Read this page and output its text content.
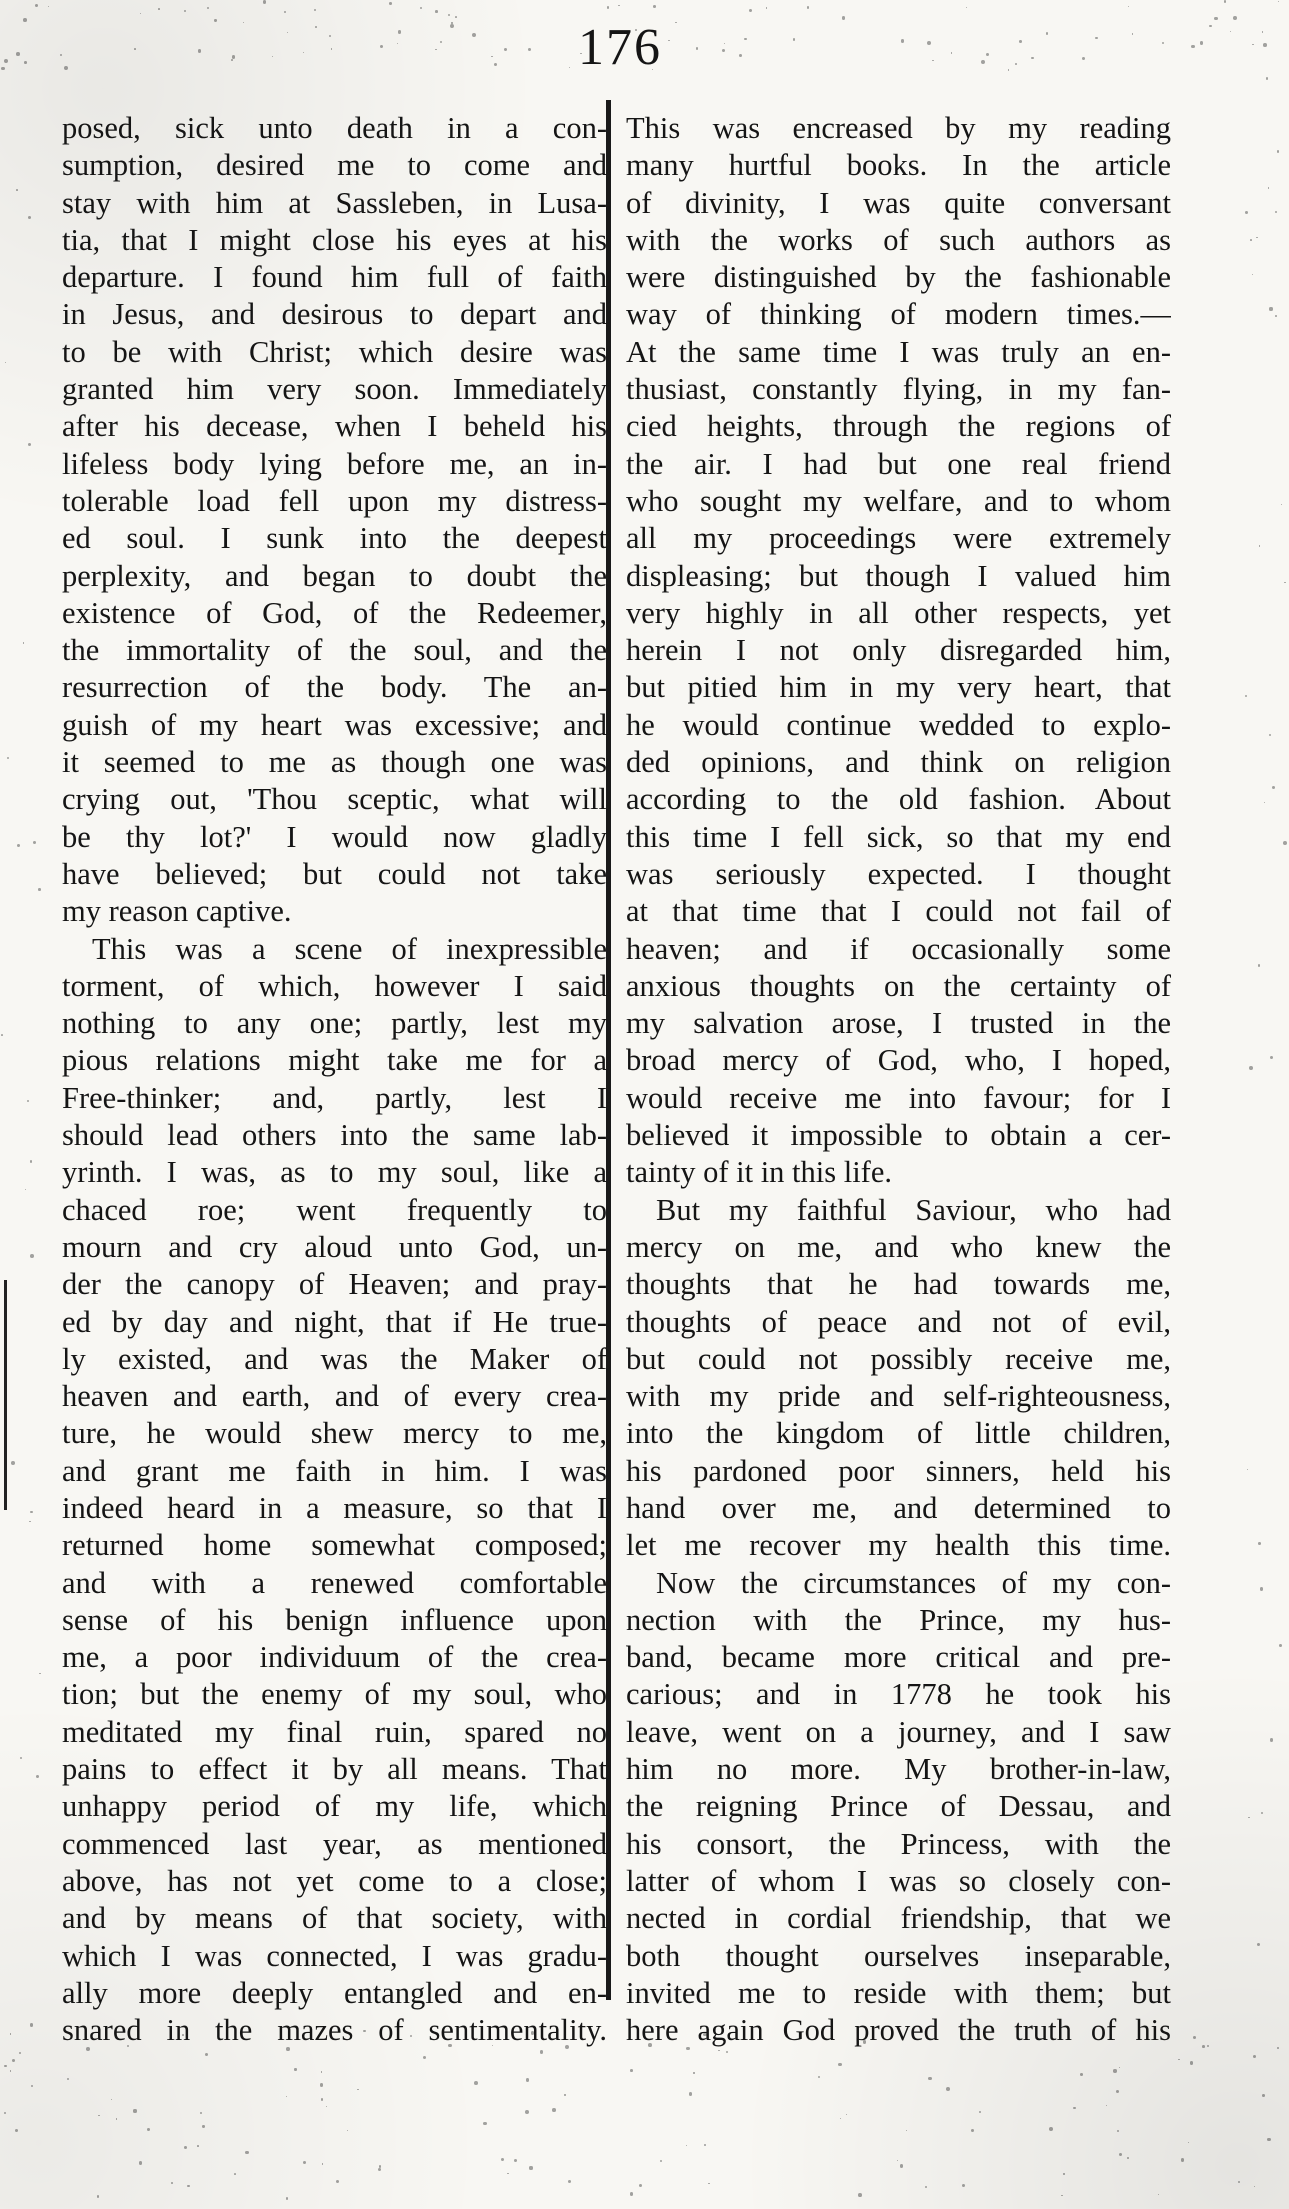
176
posed, sick unto death in a con-
sumption, desired me to come and
stay with him at Sassleben, in Lusa-
tia, that I might close his eyes at his
departure. I found him full of faith
in Jesus, and desirous to depart and
to be with Christ; which desire was
granted him very soon. Immediately
after his decease, when I beheld his
lifeless body lying before me, an in-
tolerable load fell upon my distress-
ed soul. I sunk into the deepest
perplexity, and began to doubt the
existence of God, of the Redeemer,
the immortality of the soul, and the
resurrection of the body. The an-
guish of my heart was excessive; and
it seemed to me as though one was
crying out, 'Thou sceptic, what will
be thy lot?' I would now gladly
have believed; but could not take
my reason captive.
This was a scene of inexpressible
torment, of which, however I said
nothing to any one; partly, lest my
pious relations might take me for a
Free-thinker; and, partly, lest I
should lead others into the same lab-
yrinth. I was, as to my soul, like a
chaced roe; went frequently to
mourn and cry aloud unto God, un-
der the canopy of Heaven; and pray-
ed by day and night, that if He true-
ly existed, and was the Maker of
heaven and earth, and of every crea-
ture, he would shew mercy to me,
and grant me faith in him. I was
indeed heard in a measure, so that I
returned home somewhat composed;
and with a renewed comfortable
sense of his benign influence upon
me, a poor individuum of the crea-
tion; but the enemy of my soul, who
meditated my final ruin, spared no
pains to effect it by all means. That
unhappy period of my life, which
commenced last year, as mentioned
above, has not yet come to a close;
and by means of that society, with
which I was connected, I was gradu-
ally more deeply entangled and en-
snared in the mazes of sentimentality.
This was encreased by my reading
many hurtful books. In the article
of divinity, I was quite conversant
with the works of such authors as
were distinguished by the fashionable
way of thinking of modern times.—
At the same time I was truly an en-
thusiast, constantly flying, in my fan-
cied heights, through the regions of
the air. I had but one real friend
who sought my welfare, and to whom
all my proceedings were extremely
displeasing; but though I valued him
very highly in all other respects, yet
herein I not only disregarded him,
but pitied him in my very heart, that
he would continue wedded to explo-
ded opinions, and think on religion
according to the old fashion. About
this time I fell sick, so that my end
was seriously expected. I thought
at that time that I could not fail of
heaven; and if occasionally some
anxious thoughts on the certainty of
my salvation arose, I trusted in the
broad mercy of God, who, I hoped,
would receive me into favour; for I
believed it impossible to obtain a cer-
tainty of it in this life.
But my faithful Saviour, who had
mercy on me, and who knew the
thoughts that he had towards me,
thoughts of peace and not of evil,
but could not possibly receive me,
with my pride and self-righteousness,
into the kingdom of little children,
his pardoned poor sinners, held his
hand over me, and determined to
let me recover my health this time.
Now the circumstances of my con-
nection with the Prince, my hus-
band, became more critical and pre-
carious; and in 1778 he took his
leave, went on a journey, and I saw
him no more. My brother-in-law,
the reigning Prince of Dessau, and
his consort, the Princess, with the
latter of whom I was so closely con-
nected in cordial friendship, that we
both thought ourselves inseparable,
invited me to reside with them; but
here again God proved the truth of his
